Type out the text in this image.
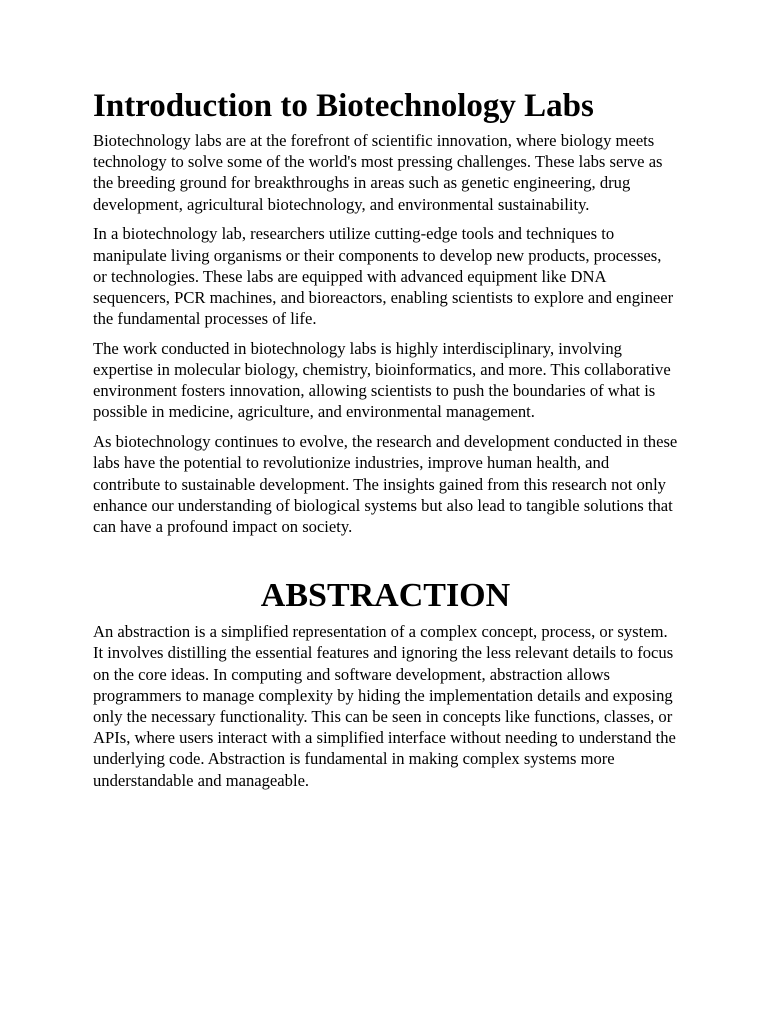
Introduction to Biotechnology Labs

Biotechnology labs are at the forefront of scientific innovation, where biology meets technology to solve some of the world's most pressing challenges. These labs serve as the breeding ground for breakthroughs in areas such as genetic engineering, drug development, agricultural biotechnology, and environmental sustainability.

In a biotechnology lab, researchers utilize cutting-edge tools and techniques to manipulate living organisms or their components to develop new products, processes, or technologies. These labs are equipped with advanced equipment like DNA sequencers, PCR machines, and bioreactors, enabling scientists to explore and engineer the fundamental processes of life.

The work conducted in biotechnology labs is highly interdisciplinary, involving expertise in molecular biology, chemistry, bioinformatics, and more. This collaborative environment fosters innovation, allowing scientists to push the boundaries of what is possible in medicine, agriculture, and environmental management.

As biotechnology continues to evolve, the research and development conducted in these labs have the potential to revolutionize industries, improve human health, and contribute to sustainable development. The insights gained from this research not only enhance our understanding of biological systems but also lead to tangible solutions that can have a profound impact on society.

ABSTRACTION

An abstraction is a simplified representation of a complex concept, process, or system. It involves distilling the essential features and ignoring the less relevant details to focus on the core ideas. In computing and software development, abstraction allows programmers to manage complexity by hiding the implementation details and exposing only the necessary functionality. This can be seen in concepts like functions, classes, or APIs, where users interact with a simplified interface without needing to understand the underlying code. Abstraction is fundamental in making complex systems more understandable and manageable.
